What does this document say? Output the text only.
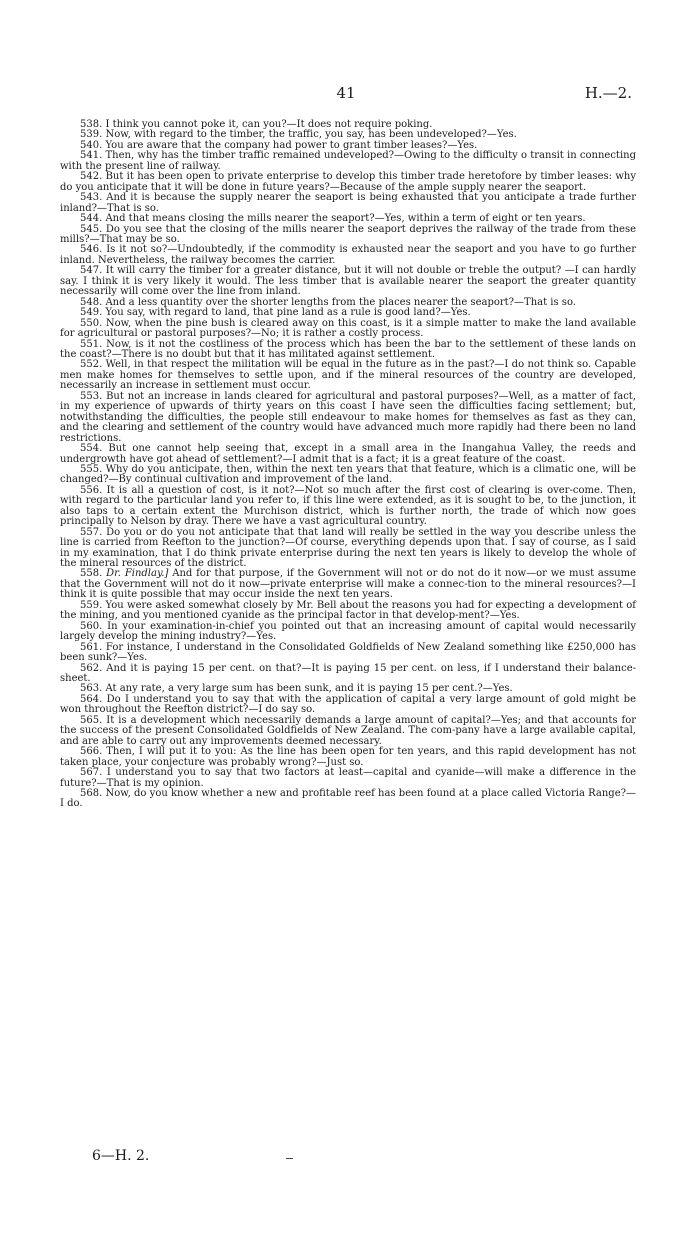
41	H.—2.

538. I think you cannot poke it, can you?—It does not require poking.

539. Now, with regard to the timber, the traffic, you say, has been undeveloped?—Yes.

540. You are aware that the company had power to grant timber leases?—Yes.

541. Then, why has the timber traffic remained undeveloped?—Owing to the difficulty o transit in connecting with the present line of railway.

542. But it has been open to private enterprise to develop this timber trade heretofore by timber leases: why do you anticipate that it will be done in future years?—Because of the ample supply nearer the seaport.

543. And it is because the supply nearer the seaport is being exhausted that you anticipate a trade further inland?—That is so.

544. And that means closing the mills nearer the seaport?—Yes, within a term of eight or ten years.

545. Do you see that the closing of the mills nearer the seaport deprives the railway of the trade from these mills?—That may be so.

546. Is it not so?—Undoubtedly, if the commodity is exhausted near the seaport and you have to go further inland. Nevertheless, the railway becomes the carrier.

547. It will carry the timber for a greater distance, but it will not double or treble the output? —I can hardly say. I think it is very likely it would. The less timber that is available nearer the seaport the greater quantity necessarily will come over the line from inland.

548. And a less quantity over the shorter lengths from the places nearer the seaport?—That is so.

549. You say, with regard to land, that pine land as a rule is good land?—Yes.

550. Now, when the pine bush is cleared away on this coast, is it a simple matter to make the land available for agricultural or pastoral purposes?—No; it is rather a costly process.

551. Now, is it not the costliness of the process which has been the bar to the settlement of these lands on the coast?—There is no doubt but that it has militated against settlement.

552. Well, in that respect the militation will be equal in the future as in the past?—I do not think so. Capable men make homes for themselves to settle upon, and if the mineral resources of the country are developed, necessarily an increase in settlement must occur.

553. But not an increase in lands cleared for agricultural and pastoral purposes?—Well, as a matter of fact, in my experience of upwards of thirty years on this coast I have seen the difficulties facing settlement; but, notwithstanding the difficulties, the people still endeavour to make homes for themselves as fast as they can, and the clearing and settlement of the country would have advanced much more rapidly had there been no land restrictions.

554. But one cannot help seeing that, except in a small area in the Inangahua Valley, the reeds and undergrowth have got ahead of settlement?—I admit that is a fact; it is a great feature of the coast.

555. Why do you anticipate, then, within the next ten years that that feature, which is a climatic one, will be changed?—By continual cultivation and improvement of the land.

556. It is all a question of cost, is it not?—Not so much after the first cost of clearing is over-come. Then, with regard to the particular land you refer to, if this line were extended, as it is sought to be, to the junction, it also taps to a certain extent the Murchison district, which is further north, the trade of which now goes principally to Nelson by dray. There we have a vast agricultural country.

557. Do you or do you not anticipate that that land will really be settled in the way you describe unless the line is carried from Reefton to the junction?—Of course, everything depends upon that. I say of course, as I said in my examination, that I do think private enterprise during the next ten years is likely to develop the whole of the mineral resources of the district.

558. Dr. Findlay.] And for that purpose, if the Government will not or do not do it now—or we must assume that the Government will not do it now—private enterprise will make a connec-tion to the mineral resources?—I think it is quite possible that may occur inside the next ten years.

559. You were asked somewhat closely by Mr. Bell about the reasons you had for expecting a development of the mining, and you mentioned cyanide as the principal factor in that develop-ment?—Yes.

560. In your examination-in-chief you pointed out that an increasing amount of capital would necessarily largely develop the mining industry?—Yes.

561. For instance, I understand in the Consolidated Goldfields of New Zealand something like £250,000 has been sunk?—Yes.

562. And it is paying 15 per cent. on that?—It is paying 15 per cent. on less, if I understand their balance-sheet.

563. At any rate, a very large sum has been sunk, and it is paying 15 per cent.?—Yes.

564. Do I understand you to say that with the application of capital a very large amount of gold might be won throughout the Reefton district?—I do say so.

565. It is a development which necessarily demands a large amount of capital?—Yes; and that accounts for the success of the present Consolidated Goldfields of New Zealand. The com-pany have a large available capital, and are able to carry out any improvements deemed necessary.

566. Then, I will put it to you: As the line has been open for ten years, and this rapid development has not taken place, your conjecture was probably wrong?—Just so.

567. I understand you to say that two factors at least—capital and cyanide—will make a difference in the future?—That is my opinion.

568. Now, do you know whether a new and profitable reef has been found at a place called Victoria Range?—I do.

6—H. 2.
